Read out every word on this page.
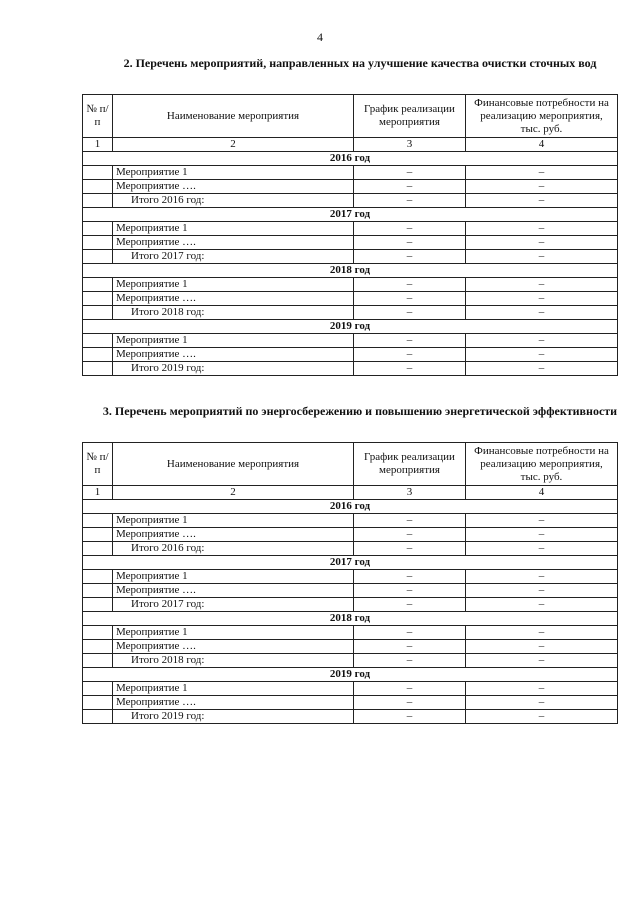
4
2. Перечень мероприятий, направленных на улучшение качества очистки сточных вод
№ п/п	Наименование мероприятия	График реализации мероприятия	Финансовые потребности на реализацию мероприятия, тыс. руб.
1	2	3	4
2016 год			
	Мероприятие 1	–	–
	Мероприятие ….	–	–
	Итого 2016 год:	–	–
2017 год			
	Мероприятие 1	–	–
	Мероприятие ….	–	–
	Итого 2017 год:	–	–
2018 год			
	Мероприятие 1	–	–
	Мероприятие ….	–	–
	Итого 2018 год:	–	–
2019 год			
	Мероприятие 1	–	–
	Мероприятие ….	–	–
	Итого 2019 год:	–	–
3. Перечень мероприятий по энергосбережению и повышению энергетической эффективности
№ п/п	Наименование мероприятия	График реализации мероприятия	Финансовые потребности на реализацию мероприятия, тыс. руб.
1	2	3	4
2016 год			
	Мероприятие 1	–	–
	Мероприятие ….	–	–
	Итого 2016 год:	–	–
2017 год			
	Мероприятие 1	–	–
	Мероприятие ….	–	–
	Итого 2017 год:	–	–
2018 год			
	Мероприятие 1	–	–
	Мероприятие ….	–	–
	Итого 2018 год:	–	–
2019 год			
	Мероприятие 1	–	–
	Мероприятие ….	–	–
	Итого 2019 год:	–	–
